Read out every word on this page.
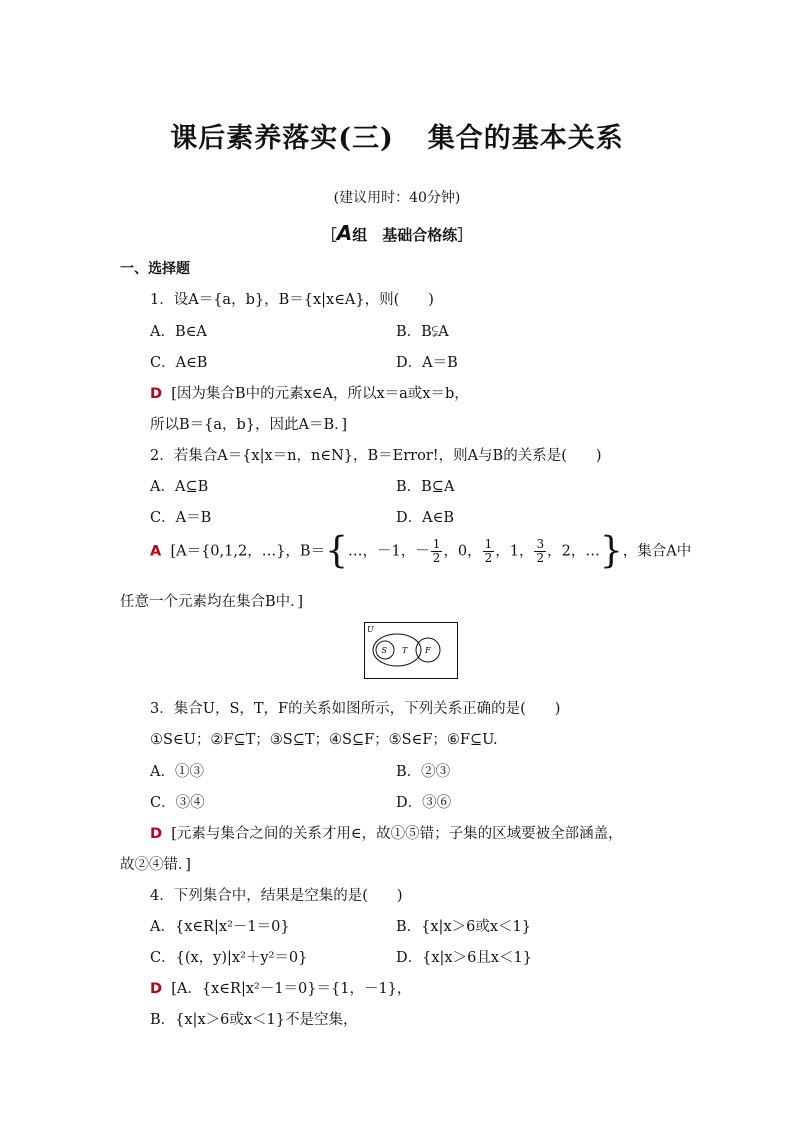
课后素养落实(三) 集合的基本关系
(建议用时：40分钟)
［A组　基础合格练］
一、选择题
1．设A＝{a，b}，B＝{x|x∈A}，则(　　)
A．B∈A	B．B⫋A
C．A∈B	D．A＝B
D [因为集合B中的元素x∈A，所以x＝a或x＝b，
所以B＝{a，b}，因此A＝B．]
2．若集合A＝{x|x＝n，n∈N}，B＝Error!，则A与B的关系是(　　)
A．A⊆B	B．B⊆A
C．A＝B	D．A∈B
A [A＝{0,1,2，…}，B＝{…，－1，－ $\frac{1}{2}$ ，0， $\frac{1}{2}$ ，1， $\frac{3}{2}$ ，2，…}，集合A中
任意一个元素均在集合B中．]
U
S T F
3．集合U，S，T，F的关系如图所示，下列关系正确的是(　　)
①S∈U；②F⊆T；③S⊆T；④S⊆F；⑤S∈F；⑥F⊆U.
A．①③	B．②③
C．③④	D．③⑥
D [元素与集合之间的关系才用∈，故①⑤错；子集的区域要被全部涵盖，
故②④错．]
4．下列集合中，结果是空集的是(　　)
A．{x∈R|x²－1＝0}	B．{x|x＞6或x＜1}
C．{(x，y)|x²＋y²＝0}	D．{x|x＞6且x＜1}
D [A．{x∈R|x²－1＝0}＝{1，－1}，
B．{x|x＞6或x＜1}不是空集，
